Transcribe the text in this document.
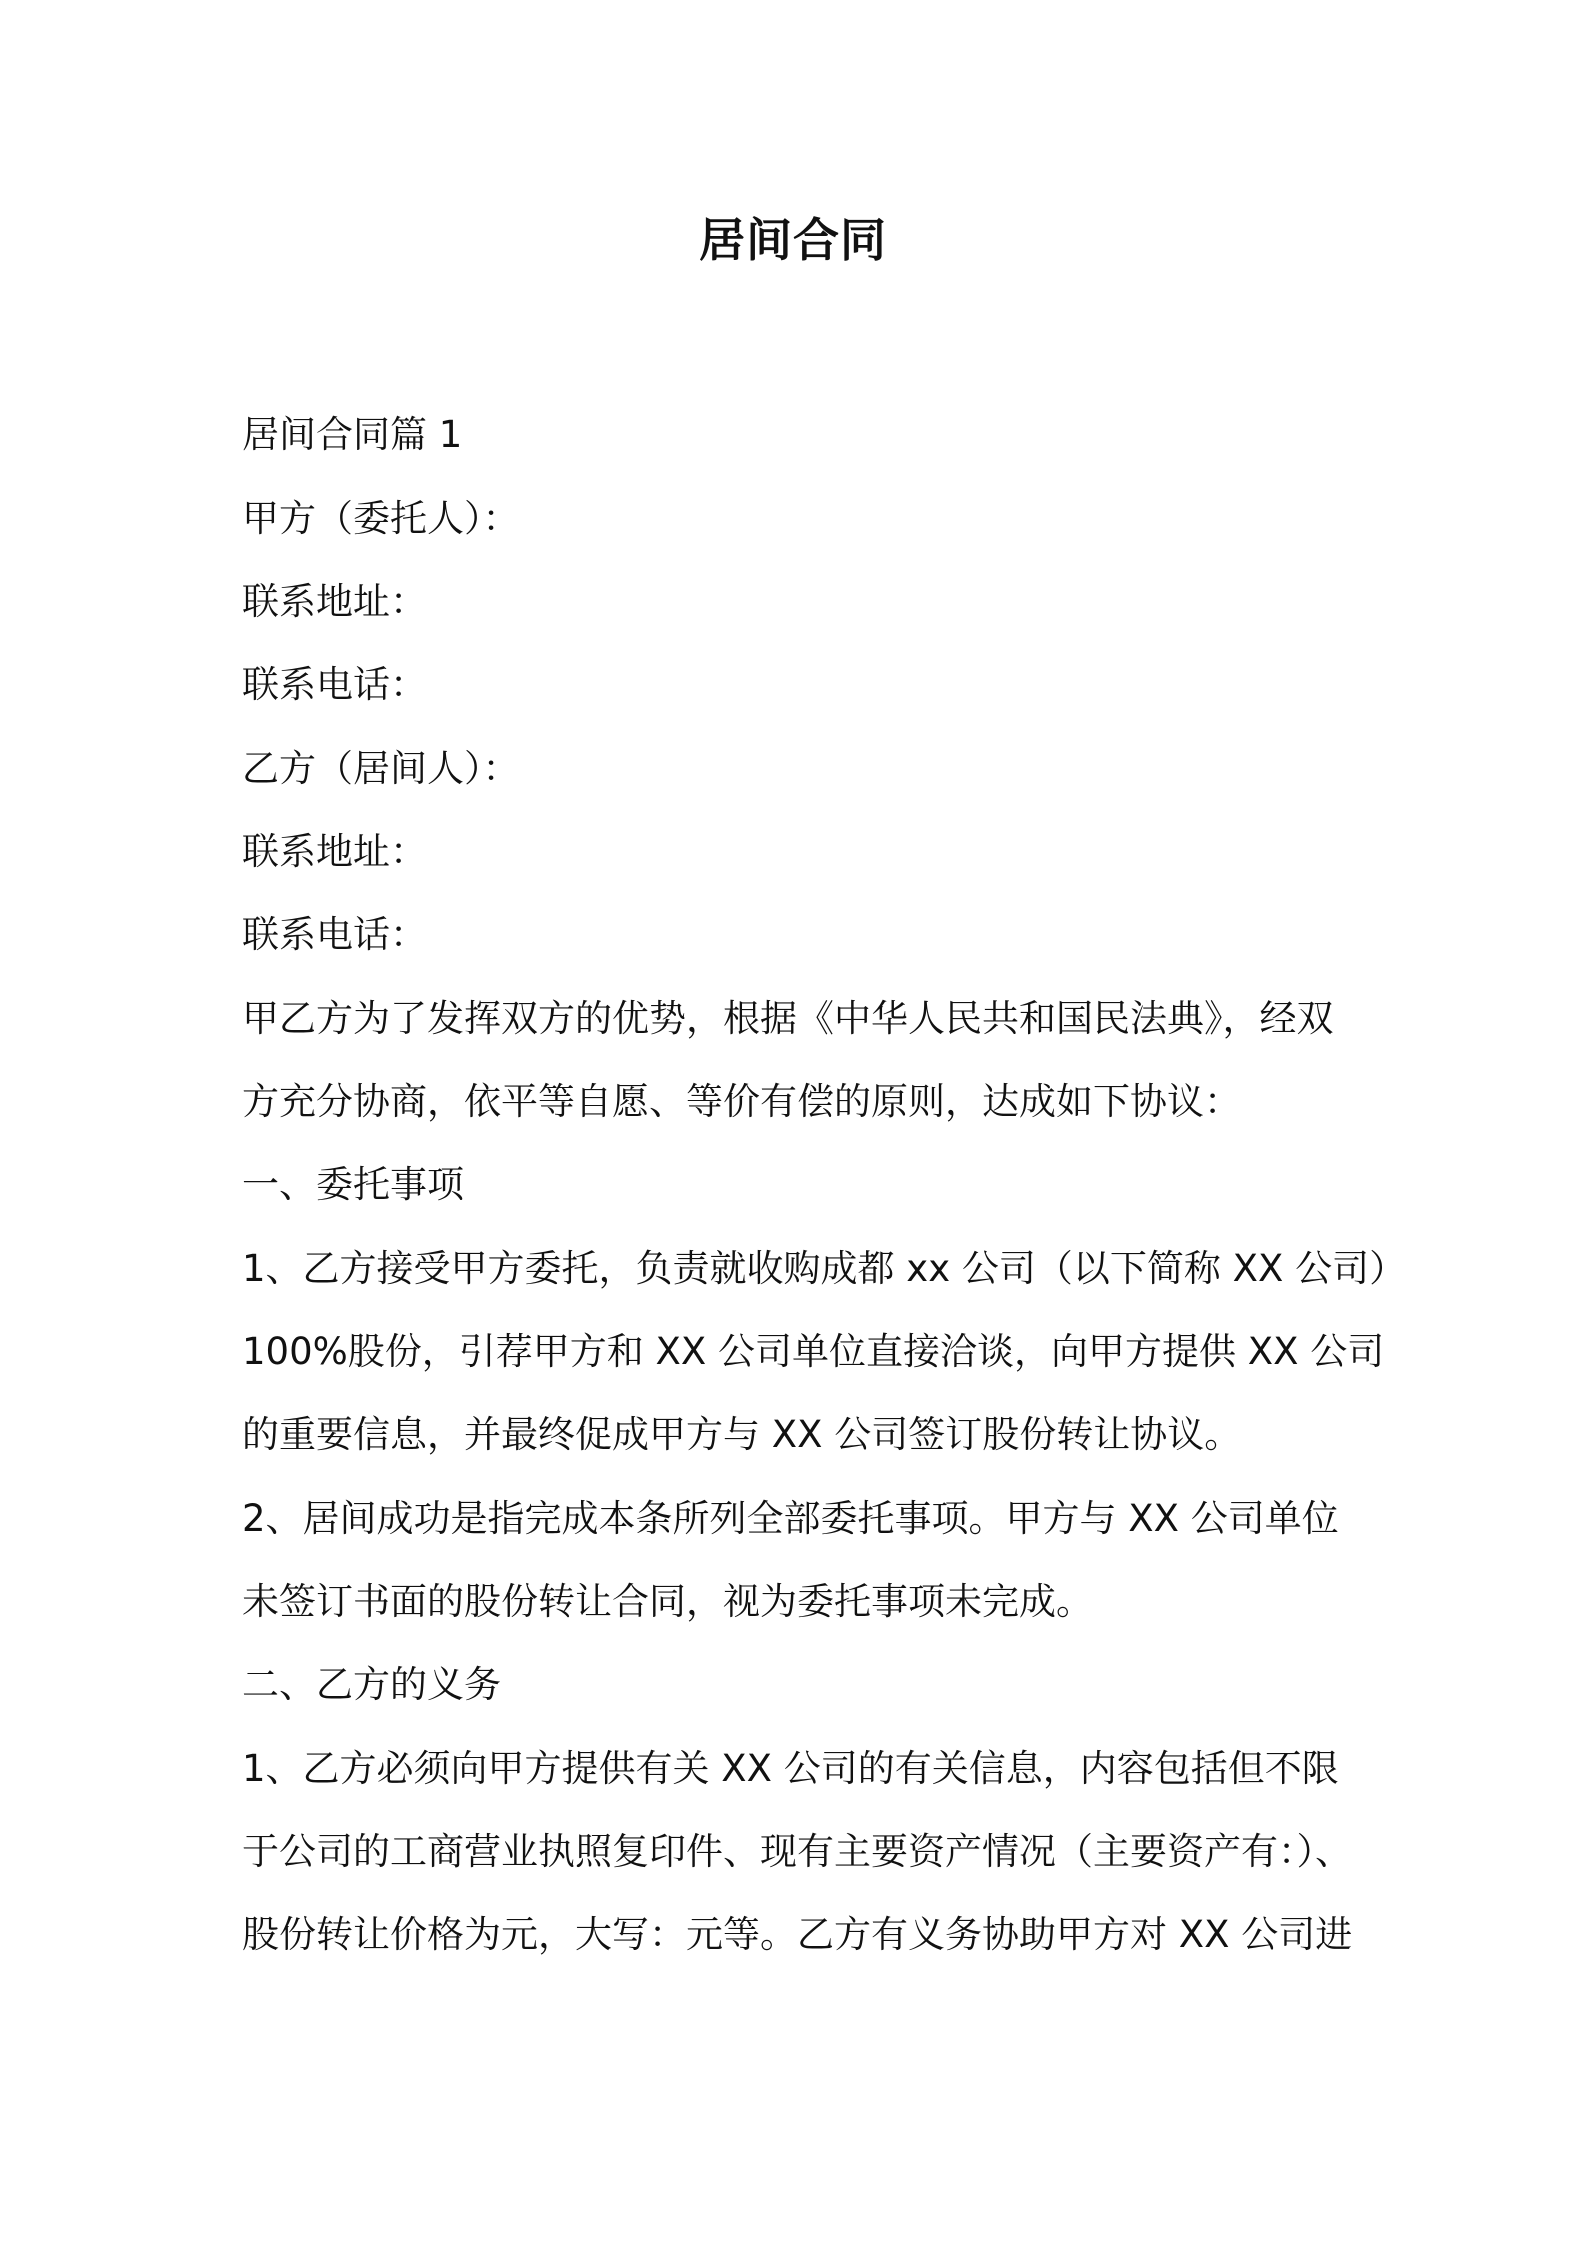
居间合同
居间合同篇 1
甲方（委托人）：
联系地址：
联系电话：
乙方（居间人）：
联系地址：
联系电话：
甲乙方为了发挥双方的优势，根据《中华人民共和国民法典》，经双
方充分协商，依平等自愿、等价有偿的原则，达成如下协议：
一、委托事项
1、乙方接受甲方委托，负责就收购成都 xx 公司（以下简称 XX 公司）
100%股份，引荐甲方和 XX 公司单位直接洽谈，向甲方提供 XX 公司
的重要信息，并最终促成甲方与 XX 公司签订股份转让协议。
2、居间成功是指完成本条所列全部委托事项。甲方与 XX 公司单位
未签订书面的股份转让合同，视为委托事项未完成。
二、乙方的义务
1、乙方必须向甲方提供有关 XX 公司的有关信息，内容包括但不限
于公司的工商营业执照复印件、现有主要资产情况（主要资产有：）、
股份转让价格为元，大写：元等。乙方有义务协助甲方对 XX 公司进
